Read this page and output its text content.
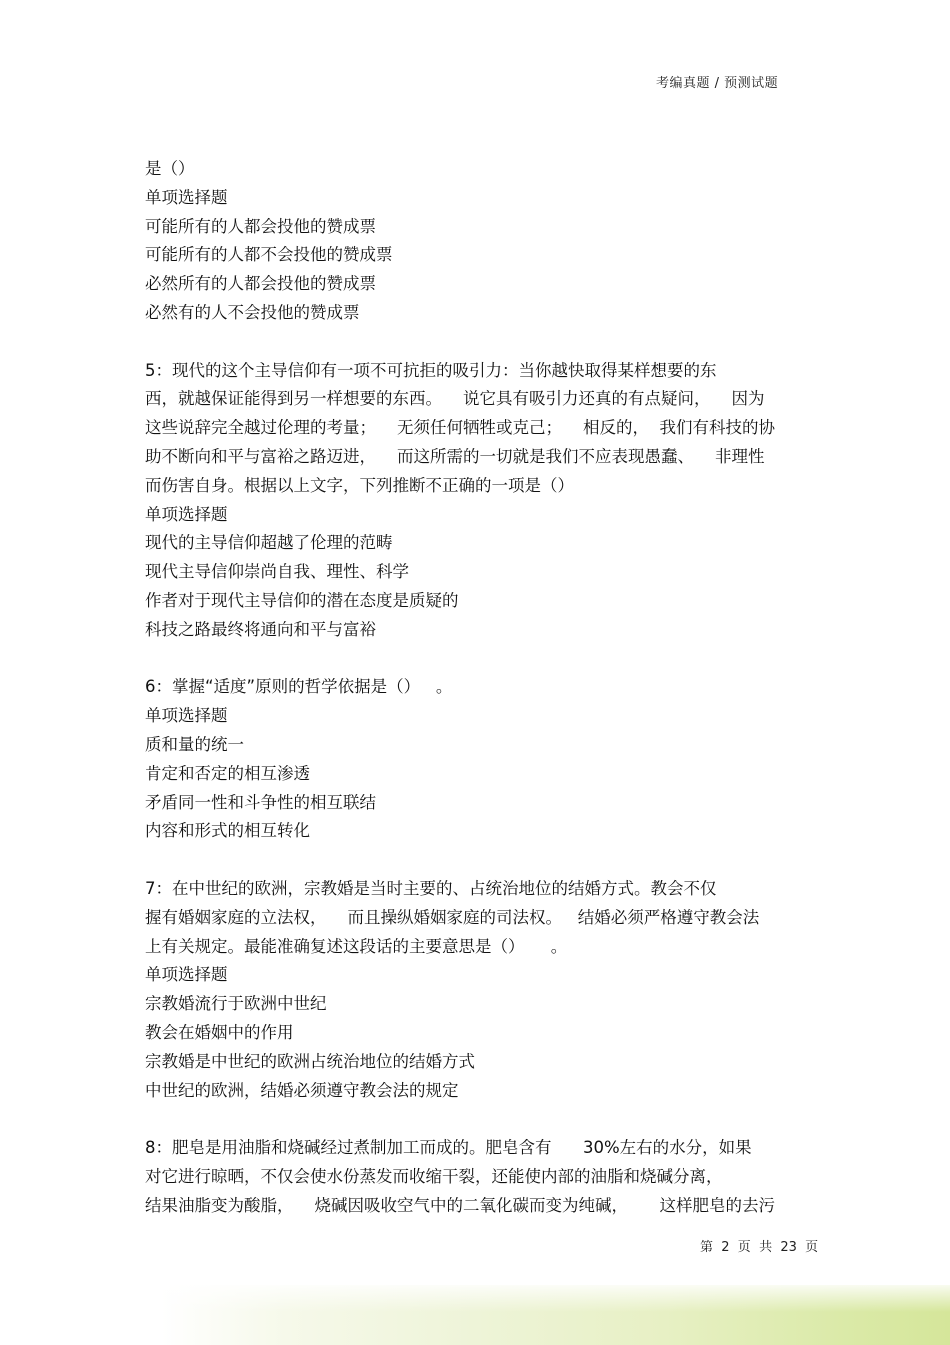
考编真题 / 预测试题
是（）
单项选择题
可能所有的人都会投他的赞成票
可能所有的人都不会投他的赞成票
必然所有的人都会投他的赞成票
必然有的人不会投他的赞成票
5：现代的这个主导信仰有一项不可抗拒的吸引力：当你越快取得某样想要的东
西，就越保证能得到另一样想要的东西。    说它具有吸引力还真的有点疑问，    因为
这些说辞完全越过伦理的考量；    无须任何牺牲或克己；    相反的，  我们有科技的协
助不断向和平与富裕之路迈进，    而这所需的一切就是我们不应表现愚蠢、    非理性
而伤害自身。根据以上文字，下列推断不正确的一项是（）
单项选择题
现代的主导信仰超越了伦理的范畴
现代主导信仰崇尚自我、理性、科学
作者对于现代主导信仰的潜在态度是质疑的
科技之路最终将通向和平与富裕
6：掌握“适度”原则的哲学依据是（）   。
单项选择题
质和量的统一
肯定和否定的相互渗透
矛盾同一性和斗争性的相互联结
内容和形式的相互转化
7：在中世纪的欧洲，宗教婚是当时主要的、占统治地位的结婚方式。教会不仅
握有婚姻家庭的立法权，    而且操纵婚姻家庭的司法权。   结婚必须严格遵守教会法
上有关规定。最能准确复述这段话的主要意思是（）     。
单项选择题
宗教婚流行于欧洲中世纪
教会在婚姻中的作用
宗教婚是中世纪的欧洲占统治地位的结婚方式
中世纪的欧洲，结婚必须遵守教会法的规定
8：肥皂是用油脂和烧碱经过煮制加工而成的。肥皂含有      30%左右的水分，如果
对它进行晾晒，不仅会使水份蒸发而收缩干裂，还能使内部的油脂和烧碱分离，
结果油脂变为酸脂，    烧碱因吸收空气中的二氧化碳而变为纯碱，      这样肥皂的去污
第  2  页  共  23  页
